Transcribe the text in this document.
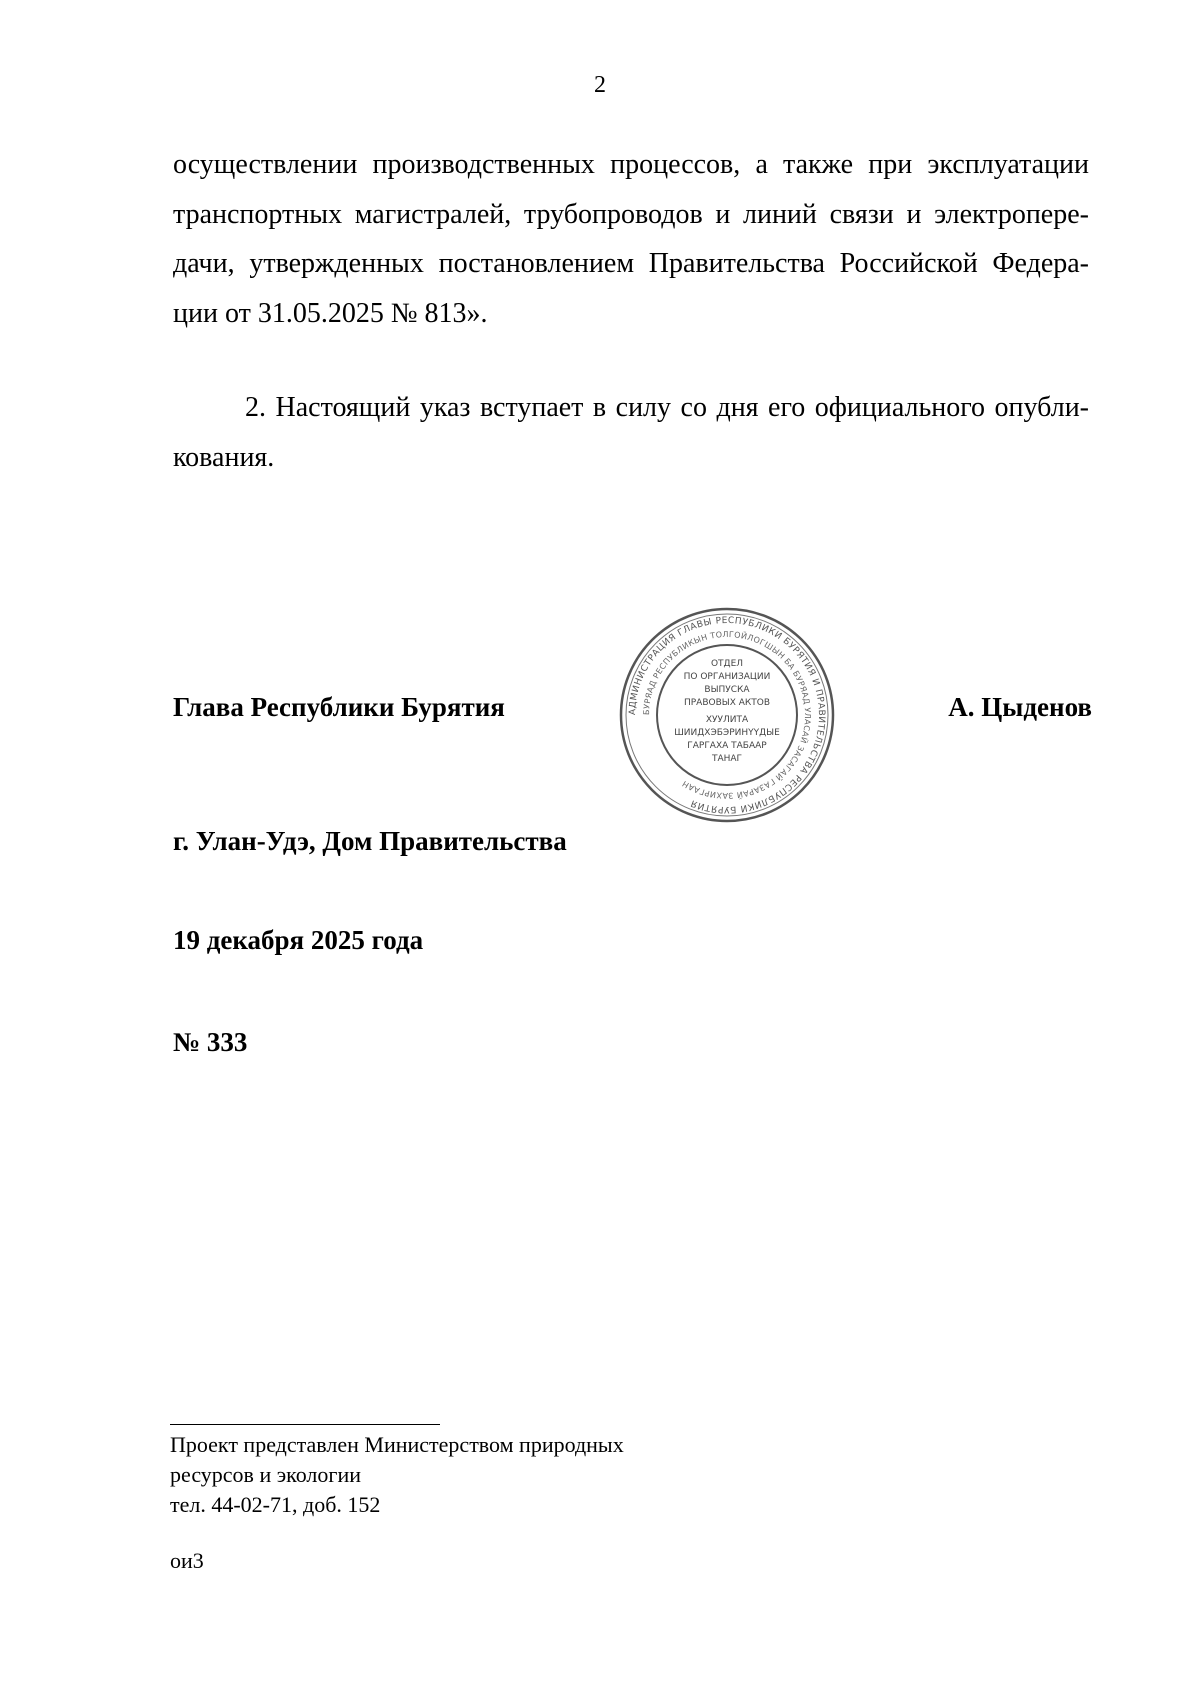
2

осуществлении производственных процессов, а также при эксплуатации транспортных магистралей, трубопроводов и линий связи и электропере-дачи, утвержденных постановлением Правительства Российской Федера-ции от 31.05.2025 № 813».

2. Настоящий указ вступает в силу со дня его официального опубли-кования.

Глава Республики Бурятия	АДМИНИСТРАЦИЯ ГЛАВЫ РЕСПУБЛИКИ БУРЯТИЯ И ПРАВИТЕЛЬСТВА РЕСПУБЛИКИ БУРЯТИЯ
БУРЯАД РЕСПУБЛИКЫН ТОЛГОЙЛОГШЫН БА БУРЯАД УЛАСАЙ ЗАСАГАЙ ГАЗАРАЙ ЗАХИРГААН
ОТДЕЛ
ПО ОРГАНИЗАЦИИ
ВЫПУСКА
ПРАВОВЫХ АКТОВ
ХУУЛИТА
ШИИДХЭБЭРИНҮҮДЫЕ
ГАРГАХА ТАБААР
ТАНАГ
А. Цыденов
г. Улан-Удэ, Дом Правительства
19 декабря 2025 года
№ 333
Проект представлен Министерством природных
ресурсов и экологии
тел. 44-02-71, доб. 152
ои3
